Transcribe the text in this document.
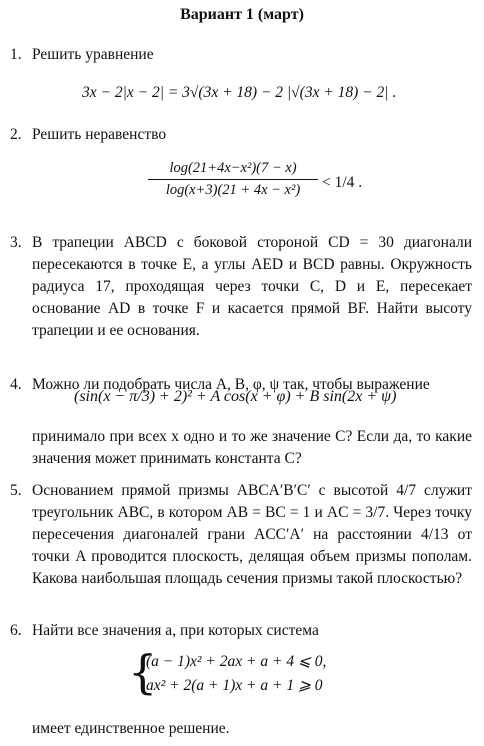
Вариант 1 (март)
1. Решить уравнение
3x − 2|x − 2| = 3√(3x + 18) − 2 |√(3x + 18) − 2| .
2. Решить неравенство
$\frac{\text{log(21+4x−x²)(7 − x)}}{\text{log(x+3)(21 + 4x − x²)}} < 1/4$ .
3. В трапеции ABCD с боковой стороной CD = 30 диагонали пересекаются в точке E, а углы AED и BCD равны. Окружность радиуса 17, проходящая через точки C, D и E, пересекает основание AD в точке F и касается прямой BF. Найти высоту трапеции и ее основания.
4. Можно ли подобрать числа A, B, φ, ψ так, чтобы выражение
(sin(x − π/3) + 2)² + A cos(x + φ) + B sin(2x + ψ)
принимало при всех x одно и то же значение C? Если да, то какие значения может принимать константа C?
5. Основанием прямой призмы ABCA′B′C′ с высотой 4/7 служит треугольник ABC, в котором AB = BC = 1 и AC = 3/7. Через точку пересечения диагоналей грани ACC′A′ на расстоянии 4/13 от точки A проводится плоскость, делящая объем призмы пополам. Какова наибольшая площадь сечения призмы такой плоскостью?
6. Найти все значения a, при которых система
{
(a − 1)x² + 2ax + a + 4 ⩽ 0,
ax² + 2(a + 1)x + a + 1 ⩾ 0
имеет единственное решение.
